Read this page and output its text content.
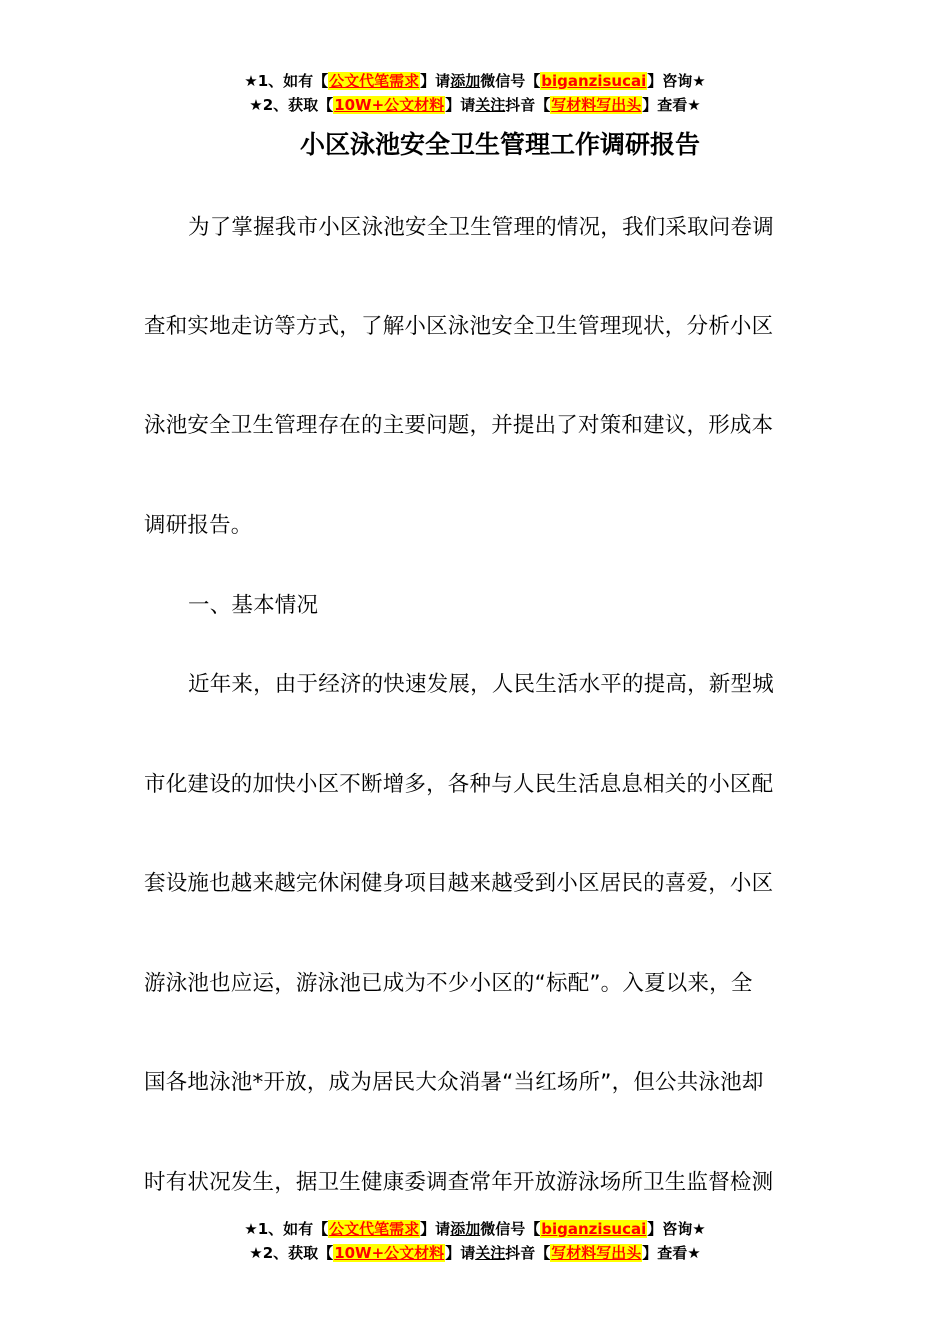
★1、如有【公文代笔需求】请添加微信号【biganzisucai】咨询★
★2、获取【10W+公文材料】请关注抖音【写材料写出头】查看★
小区泳池安全卫生管理工作调研报告
为了掌握我市小区泳池安全卫生管理的情况，我们采取问卷调
查和实地走访等方式，了解小区泳池安全卫生管理现状，分析小区
泳池安全卫生管理存在的主要问题，并提出了对策和建议，形成本
调研报告。
一、基本情况
近年来，由于经济的快速发展，人民生活水平的提高，新型城
市化建设的加快小区不断增多，各种与人民生活息息相关的小区配
套设施也越来越完休闲健身项目越来越受到小区居民的喜爱，小区
游泳池也应运，游泳池已成为不少小区的“标配”。入夏以来，全
国各地泳池*开放，成为居民大众消暑“当红场所”，但公共泳池却
时有状况发生，据卫生健康委调查常年开放游泳场所卫生监督检测
★1、如有【公文代笔需求】请添加微信号【biganzisucai】咨询★
★2、获取【10W+公文材料】请关注抖音【写材料写出头】查看★
